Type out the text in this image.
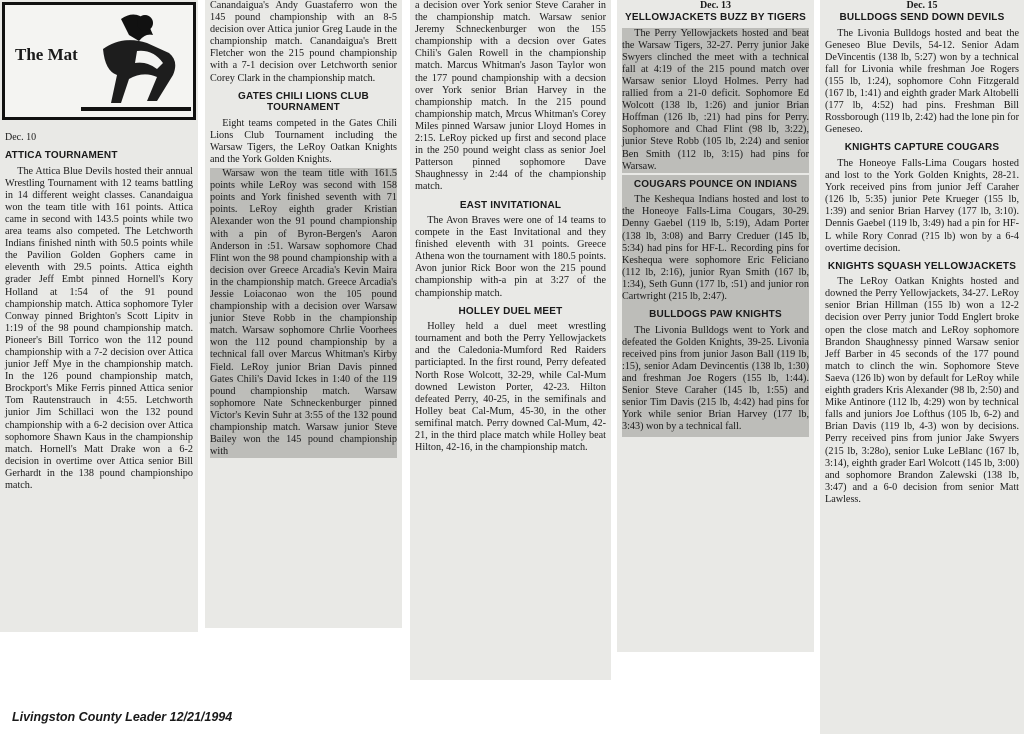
The Mat

Dec. 10

ATTICA TOURNAMENT

The Attica Blue Devils hosted their annual Wrestling Tournament with 12 teams battling in 14 different weight classes. Canandaigua won the team title with 161 points. Attica came in second with 143.5 points while two area teams also competed. The Letchworth Indians finished ninth with 50.5 points while the Pavilion Golden Gophers came in eleventh with 29.5 points. Attica eighth grader Jeff Embt pinned Hornell's Kory Holland at 1:54 of the 91 pound championship match. Attica sophomore Tyler Conway pinned Brighton's Scott Lipitv in 1:19 of the 98 pound championship match. Pioneer's Bill Torrico won the 112 pound championship with a 7-2 decision over Attica junior Jeff Mye in the championship match. In the 126 pound championship match, Brockport's Mike Ferris pinned Attica senior Tom Rautenstrauch in 4:55. Letchworth junior Jim Schillaci won the 132 pound championship with a 6-2 decision over Attica sophomore Shawn Kaus in the championship match. Hornell's Matt Drake won a 6-2 decision in overtime over Attica senior Bill Gerhardt in the 138 pound championshipo match.

Canandaigua's Andy Guastaferro won the 145 pound championship with an 8-5 decision over Attica junior Greg Laude in the championship match. Canandaigua's Brett Fletcher won the 215 pound championship with a 7-1 decision over Letchworth senior Corey Clark in the championship match.

GATES CHILI LIONS CLUB TOURNAMENT

Eight teams competed in the Gates Chili Lions Club Tournament including the Warsaw Tigers, the LeRoy Oatkan Knights and the York Golden Knights.

Warsaw won the team title with 161.5 points while LeRoy was second with 158 points and York finished seventh with 71 points. LeRoy eighth grader Kristian Alexander won the 91 pound championship with a pin of Byron-Bergen's Aaron Anderson in :51. Warsaw sophomore Chad Flint won the 98 pound championship with a decision over Greece Arcadia's Kevin Maira in the championship match. Greece Arcadia's Jessie Loiaconao won the 105 pound championship with a decision over Warsaw junior Steve Robb in the championship match. Warsaw sophomore Chrlie Voorhees won the 112 pound championship by a technical fall over Marcus Whitman's Kirby Field. LeRoy junior Brian Davis pinned Gates Chili's David Ickes in 1:40 of the 119 pound championship match. Warsaw sophomore Nate Schneckenburger pinned Victor's Kevin Suhr at 3:55 of the 132 pound championship match. Warsaw junior Steve Bailey won the 145 pound championship with

a decision over York senior Steve Caraher in the championship match. Warsaw senior Jeremy Schneckenburger won the 155 championship with a decsion over Gates Chili's Galen Rowell in the championship match. Marcus Whitman's Jason Taylor won the 177 pound championship with a decsion over York senior Brian Harvey in the championship match. In the 215 pound championship match, Mrcus Whitman's Corey Miles pinned Warsaw junior Lloyd Homes in 2:15. LeRoy picked up first and second place in the 250 pound weight class as senior Joel Patterson pinned sophomore Dave Shaughnessy in 2:44 of the championship match.

EAST INVITATIONAL

The Avon Braves were one of 14 teams to compete in the East Invitational and they finished eleventh with 31 points. Greece Athena won the tournament with 180.5 points. Avon junior Rick Boor won the 215 pound championship with-a pin at 3:27 of the championship match.

HOLLEY DUEL MEET

Holley held a duel meet wrestling tournament and both the Perry Yellowjackets and the Caledonia-Mumford Red Raiders particiapted. In the first round, Perry defeated North Rose Wolcott, 32-29, while Cal-Mum downed Lewiston Porter, 42-23. Hilton defeated Perry, 40-25, in the semifinals and Holley beat Cal-Mum, 45-30, in the other semifinal match. Perry downed Cal-Mum, 42-21, in the third place match while Holley beat Hilton, 42-16, in the championship match.

Dec. 13

YELLOWJACKETS BUZZ BY TIGERS

The Perry Yellowjackets hosted and beat the Warsaw Tigers, 32-27. Perry junior Jake Swyers clinched the meet with a technical fall at 4:19 of the 215 pound match over Warsaw senior Lloyd Holmes. Perry had rallied from a 21-0 deficit. Sophomore Ed Wolcott (138 lb, 1:26) and junior Brian Hoffman (126 lb, :21) had pins for Perry. Sophomore and Chad Flint (98 lb, 3:22), junior Steve Robb (105 lb, 2:24) and senior Ben Smith (112 lb, 3:15) had pins for Warsaw.

COUGARS POUNCE ON INDIANS

The Keshequa Indians hosted and lost to the Honeoye Falls-Lima Cougars, 30-29. Denny Gaebel (119 lb, 5:19), Adam Porter (138 lb, 3:08) and Barry Creduer (145 lb, 5:34) had pins for HF-L. Recording pins for Keshequa were sophomore Eric Feliciano (112 lb, 2:16), junior Ryan Smith (167 lb, 1:34), Seth Gunn (177 lb, :51) and junior ron Cartwright (215 lb, 2:47).

BULLDOGS PAW KNIGHTS

The Livonia Bulldogs went to York and defeated the Golden Knights, 39-25. Livonia received pins from junior Jason Ball (119 lb, :15), senior Adam Devincentis (138 lb, 1:30) and freshman Joe Rogers (155 lb, 1:44). Senior Steve Caraher (145 lb, 1:55) and senior Tim Davis (215 lb, 4:42) had pins for York while senior Brian Harvey (177 lb, 3:43) won by a technical fall.

Dec. 15

BULLDOGS SEND DOWN DEVILS

The Livonia Bulldogs hosted and beat the Geneseo Blue Devils, 54-12. Senior Adam DeVincentis (138 lb, 5:27) won by a technical fall for Livonia while freshman Joe Rogers (155 lb, 1:24), sophomore Cohn Fitzgerald (167 lb, 1:41) and eighth grader Mark Altobelli (177 lb, 4:52) had pins. Freshman Bill Rossborough (119 lb, 2:42) had the lone pin for Geneseo.

KNIGHTS CAPTURE COUGARS

The Honeoye Falls-Lima Cougars hosted and lost to the York Golden Knights, 28-21. York received pins from junior Jeff Caraher (126 lb, 5:35) junior Pete Krueger (155 lb, 1:39) and senior Brian Harvey (177 lb, 3:10). Dennis Gaebel (119 lb, 3:49) had a pin for HF-L while Rory Conrad (?15 lb) won by a 6-4 overtime decision.

KNIGHTS SQUASH YELLOWJACKETS

The LeRoy Oatkan Knights hosted and downed the Perry Yellowjackets, 34-27. LeRoy senior Brian Hillman (155 lb) won a 12-2 decision over Perry junior Todd Englert broke open the close match and LeRoy sophomore Brandon Shaughnessy pinned Warsaw senior Jeff Barber in 45 seconds of the 177 pound match to clinch the win. Sophomore Steve Saeva (126 lb) won by default for LeRoy while eighth graders Kris Alexander (98 lb, 2:50) and Mike Antinore (112 lb, 4:29) won by technical falls and juniors Joe Lofthus (105 lb, 6-2) and Brian Davis (119 lb, 4-3) won by decisions. Perry received pins from junior Jake Swyers (215 lb, 3:28o), senior Luke LeBlanc (167 lb, 3:14), eighth grader Earl Wolcott (145 lb, 3:00) and sophomore Brandon Zalewski (138 lb, 3:47) and a 6-0 decision from senior Matt Lawless.

Livingston County Leader 12/21/1994
